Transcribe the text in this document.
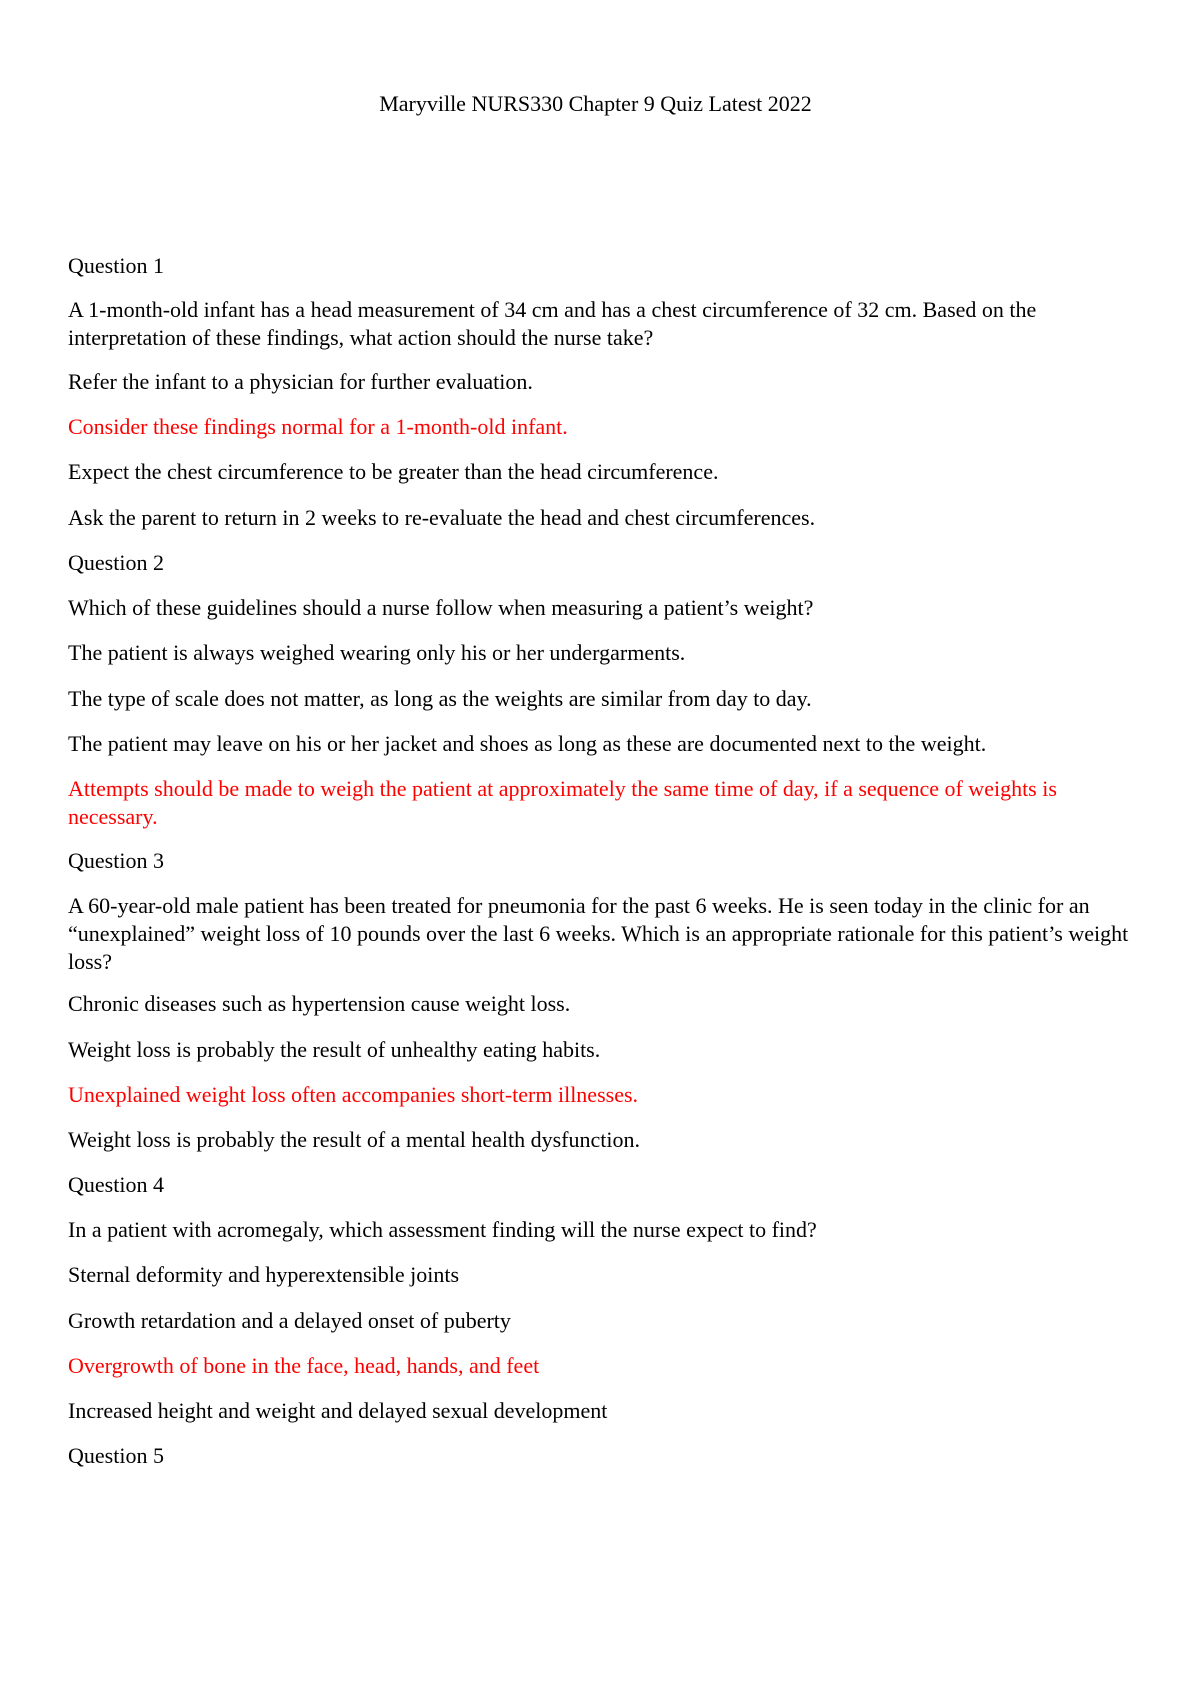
Maryville NURS330 Chapter 9 Quiz Latest 2022
Question 1
A 1-month-old infant has a head measurement of 34 cm and has a chest circumference of 32 cm. Based on the interpretation of these findings, what action should the nurse take?
Refer the infant to a physician for further evaluation.
Consider these findings normal for a 1-month-old infant.
Expect the chest circumference to be greater than the head circumference.
Ask the parent to return in 2 weeks to re-evaluate the head and chest circumferences.
Question 2
Which of these guidelines should a nurse follow when measuring a patient’s weight?
The patient is always weighed wearing only his or her undergarments.
The type of scale does not matter, as long as the weights are similar from day to day.
The patient may leave on his or her jacket and shoes as long as these are documented next to the weight.
Attempts should be made to weigh the patient at approximately the same time of day, if a sequence of weights is necessary.
Question 3
A 60-year-old male patient has been treated for pneumonia for the past 6 weeks. He is seen today in the clinic for an “unexplained” weight loss of 10 pounds over the last 6 weeks. Which is an appropriate rationale for this patient’s weight loss?
Chronic diseases such as hypertension cause weight loss.
Weight loss is probably the result of unhealthy eating habits.
Unexplained weight loss often accompanies short-term illnesses.
Weight loss is probably the result of a mental health dysfunction.
Question 4
In a patient with acromegaly, which assessment finding will the nurse expect to find?
Sternal deformity and hyperextensible joints
Growth retardation and a delayed onset of puberty
Overgrowth of bone in the face, head, hands, and feet
Increased height and weight and delayed sexual development
Question 5
